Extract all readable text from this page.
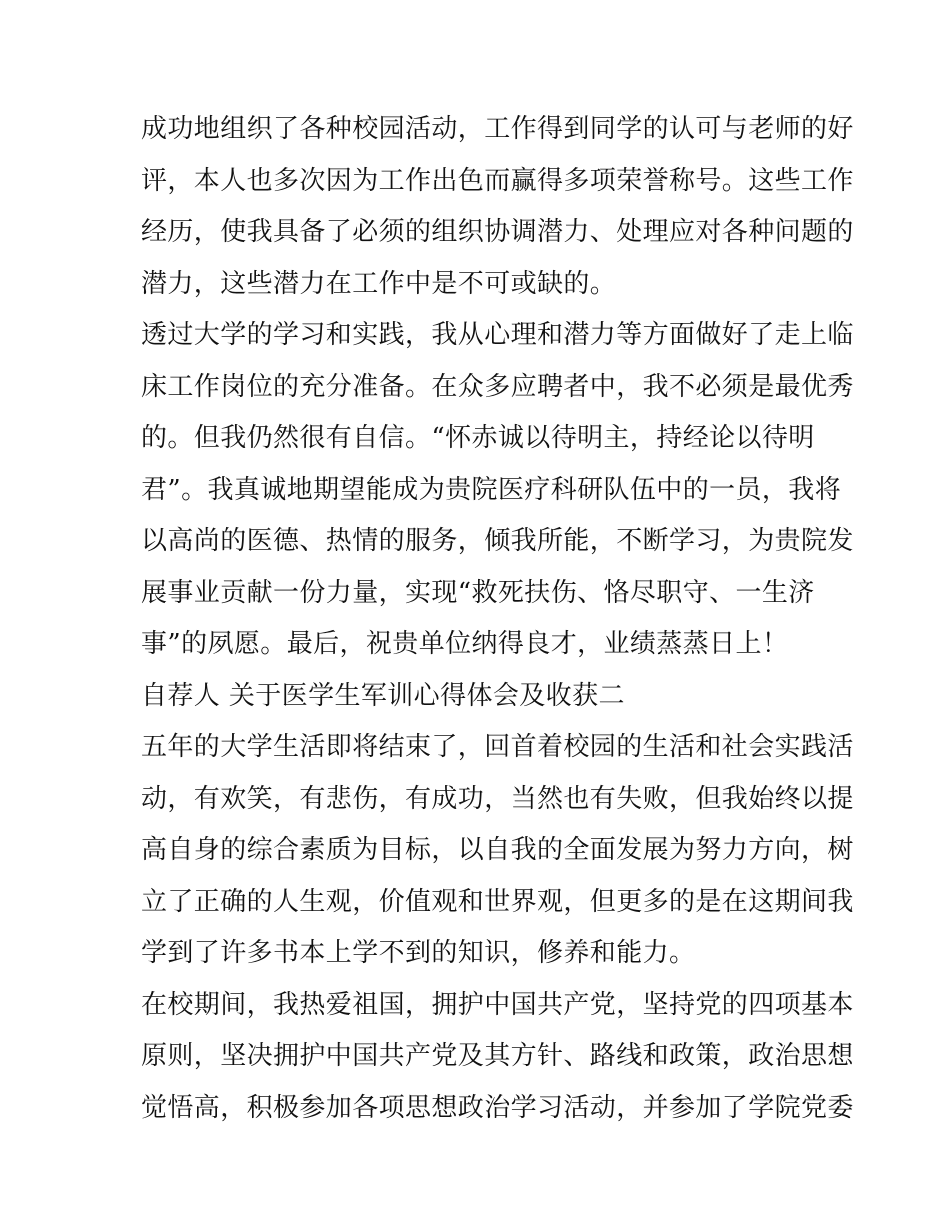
成功地组织了各种校园活动，工作得到同学的认可与老师的好
评，本人也多次因为工作出色而赢得多项荣誉称号。这些工作
经历，使我具备了必须的组织协调潜力、处理应对各种问题的
潜力，这些潜力在工作中是不可或缺的。
透过大学的学习和实践，我从心理和潜力等方面做好了走上临
床工作岗位的充分准备。在众多应聘者中，我不必须是最优秀
的。但我仍然很有自信。“怀赤诚以待明主，持经论以待明
君”。我真诚地期望能成为贵院医疗科研队伍中的一员，我将
以高尚的医德、热情的服务，倾我所能，不断学习，为贵院发
展事业贡献一份力量，实现“救死扶伤、恪尽职守、一生济
事”的夙愿。最后，祝贵单位纳得良才，业绩蒸蒸日上！
自荐人 关于医学生军训心得体会及收获二
五年的大学生活即将结束了，回首着校园的生活和社会实践活
动，有欢笑，有悲伤，有成功，当然也有失败，但我始终以提
高自身的综合素质为目标，以自我的全面发展为努力方向，树
立了正确的人生观，价值观和世界观，但更多的是在这期间我
学到了许多书本上学不到的知识，修养和能力。
在校期间，我热爱祖国，拥护中国共产党，坚持党的四项基本
原则，坚决拥护中国共产党及其方针、路线和政策，政治思想
觉悟高，积极参加各项思想政治学习活动，并参加了学院党委
